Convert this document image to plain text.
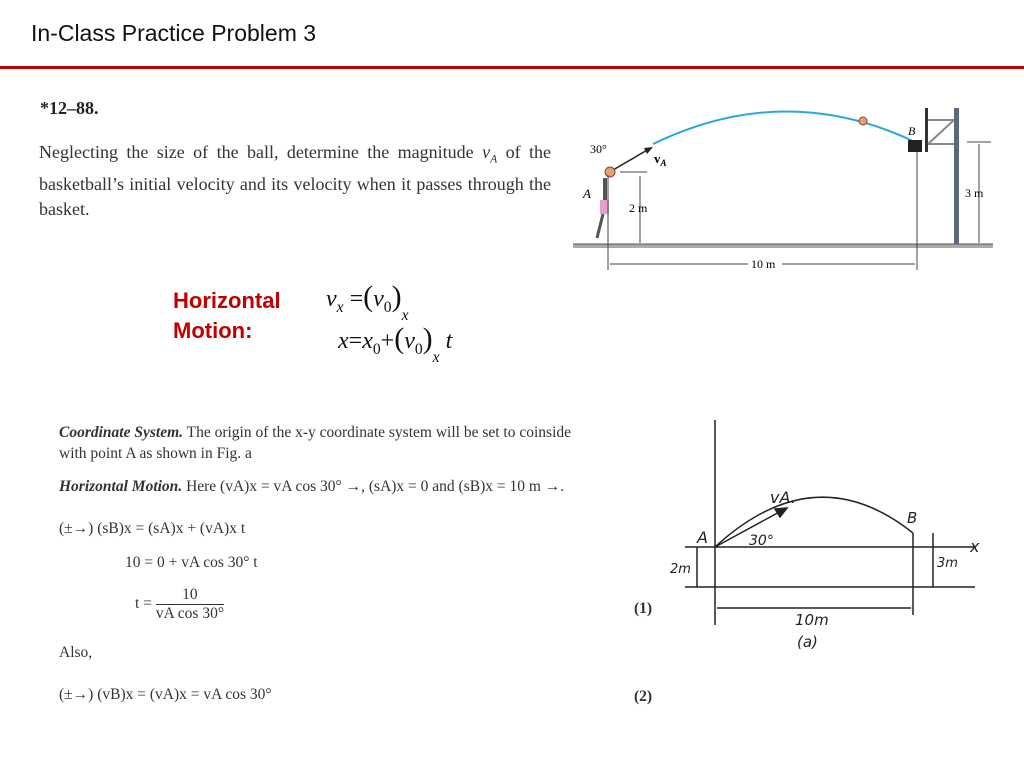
In-Class Practice Problem 3
*12–88.
Neglecting the size of the ball, determine the magnitude $v_A$ of the basketball’s initial velocity and its velocity when it passes through the basket.
30°
$v_A$
A
B
2 m
3 m
10 m
Horizontal
Motion:
$v_x =(v_0)_x$
$x=x_0+(v_0)_x$ t
Coordinate System. The origin of the x-y coordinate system will be set to coinside
with point A as shown in Fig. a
Horizontal Motion. Here (vA)x = vA cos 30° →, (sA)x = 0 and (sB)x = 10 m →.
(±→) (sB)x = (sA)x + (vA)x t
10 = 0 + vA cos 30° t
$t = \frac{10}{\text{vA cos 30°}}$	(1)
Also,
(±→) (vB)x = (vA)x = vA cos 30°	(2)
vA.
A
B
30°	x
2m	3m
10m
(a)
